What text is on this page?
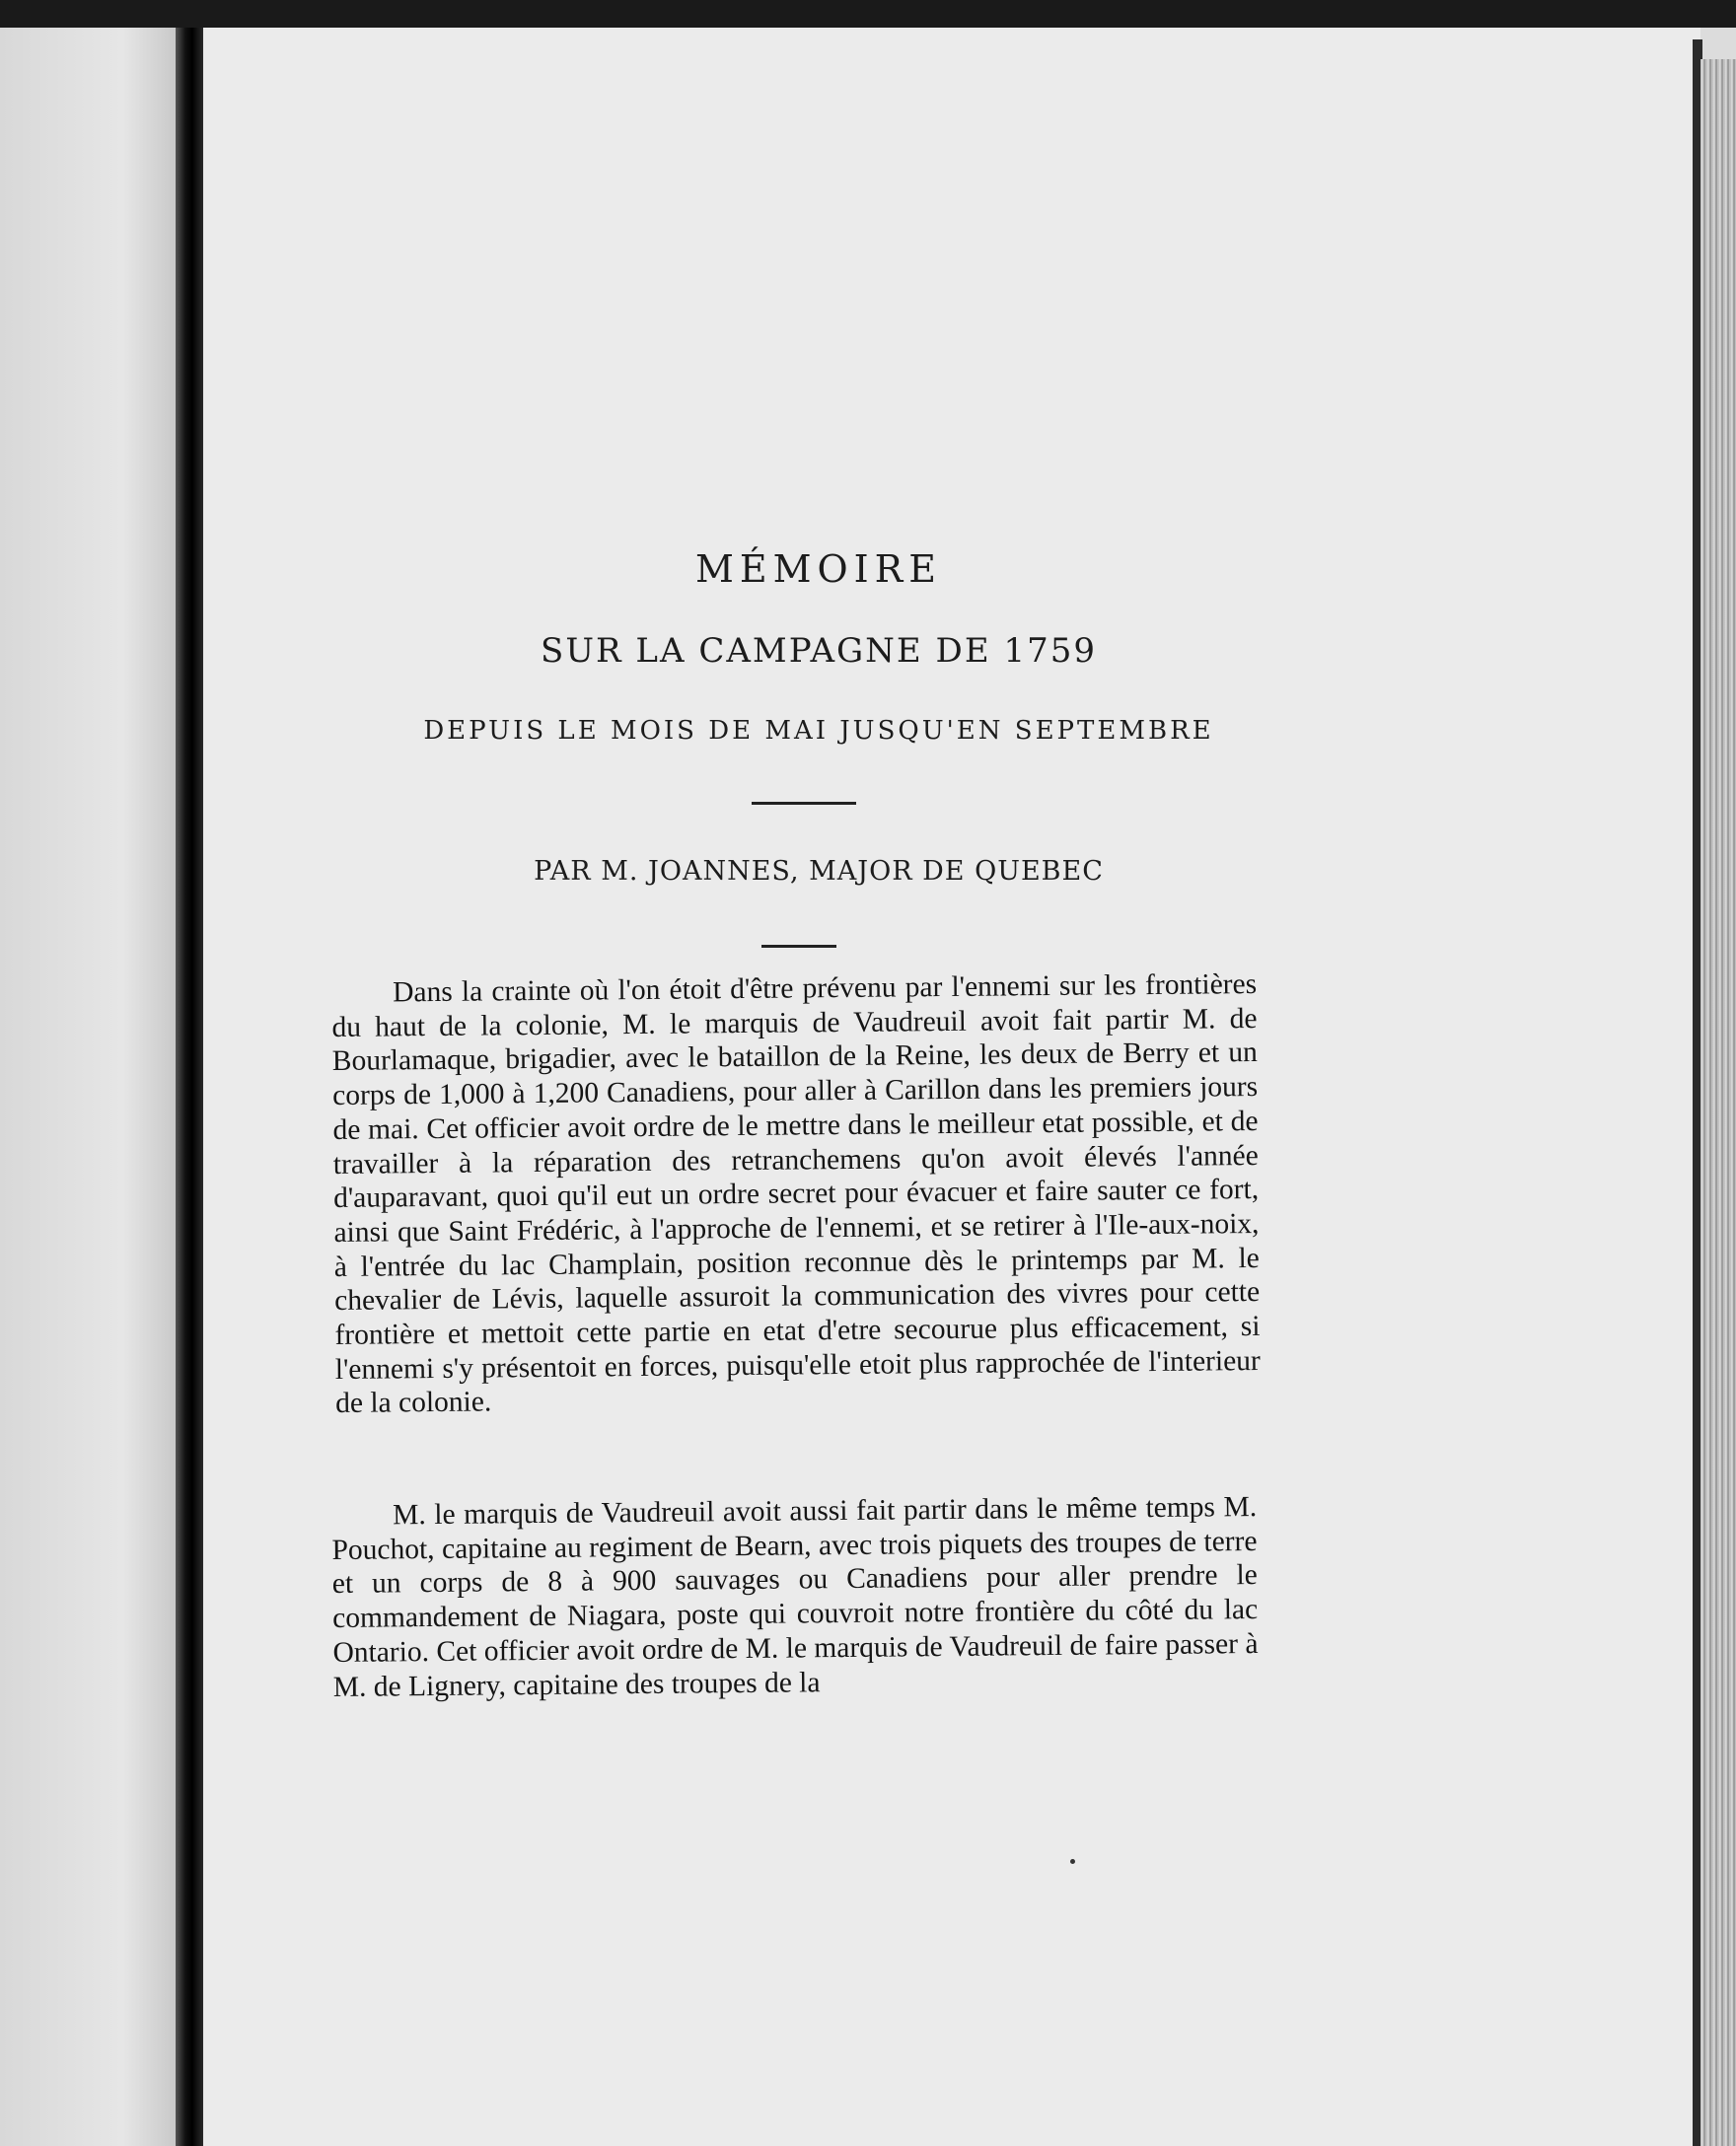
MÉMOIRE
SUR LA CAMPAGNE DE 1759
DEPUIS LE MOIS DE MAI JUSQU'EN SEPTEMBRE
PAR M. JOANNES, MAJOR DE QUEBEC
Dans la crainte où l'on étoit d'être prévenu par l'ennemi sur les frontières du haut de la colonie, M. le marquis de Vaudreuil avoit fait partir M. de Bourlamaque, brigadier, avec le bataillon de la Reine, les deux de Berry et un corps de 1,000 à 1,200 Canadiens, pour aller à Carillon dans les premiers jours de mai. Cet officier avoit ordre de le mettre dans le meilleur etat possible, et de travailler à la réparation des retranchemens qu'on avoit élevés l'année d'auparavant, quoi qu'il eut un ordre secret pour évacuer et faire sauter ce fort, ainsi que Saint Frédéric, à l'approche de l'ennemi, et se retirer à l'Ile-aux-noix, à l'entrée du lac Champlain, position reconnue dès le printemps par M. le chevalier de Lévis, laquelle assuroit la communication des vivres pour cette frontière et mettoit cette partie en etat d'etre secourue plus efficacement, si l'ennemi s'y présentoit en forces, puisqu'elle etoit plus rapprochée de l'interieur de la colonie.
M. le marquis de Vaudreuil avoit aussi fait partir dans le même temps M. Pouchot, capitaine au regiment de Bearn, avec trois piquets des troupes de terre et un corps de 8 à 900 sauvages ou Canadiens pour aller prendre le commandement de Niagara, poste qui couvroit notre frontière du côté du lac Ontario. Cet officier avoit ordre de M. le marquis de Vaudreuil de faire passer à M. de Lignery, capitaine des troupes de la
